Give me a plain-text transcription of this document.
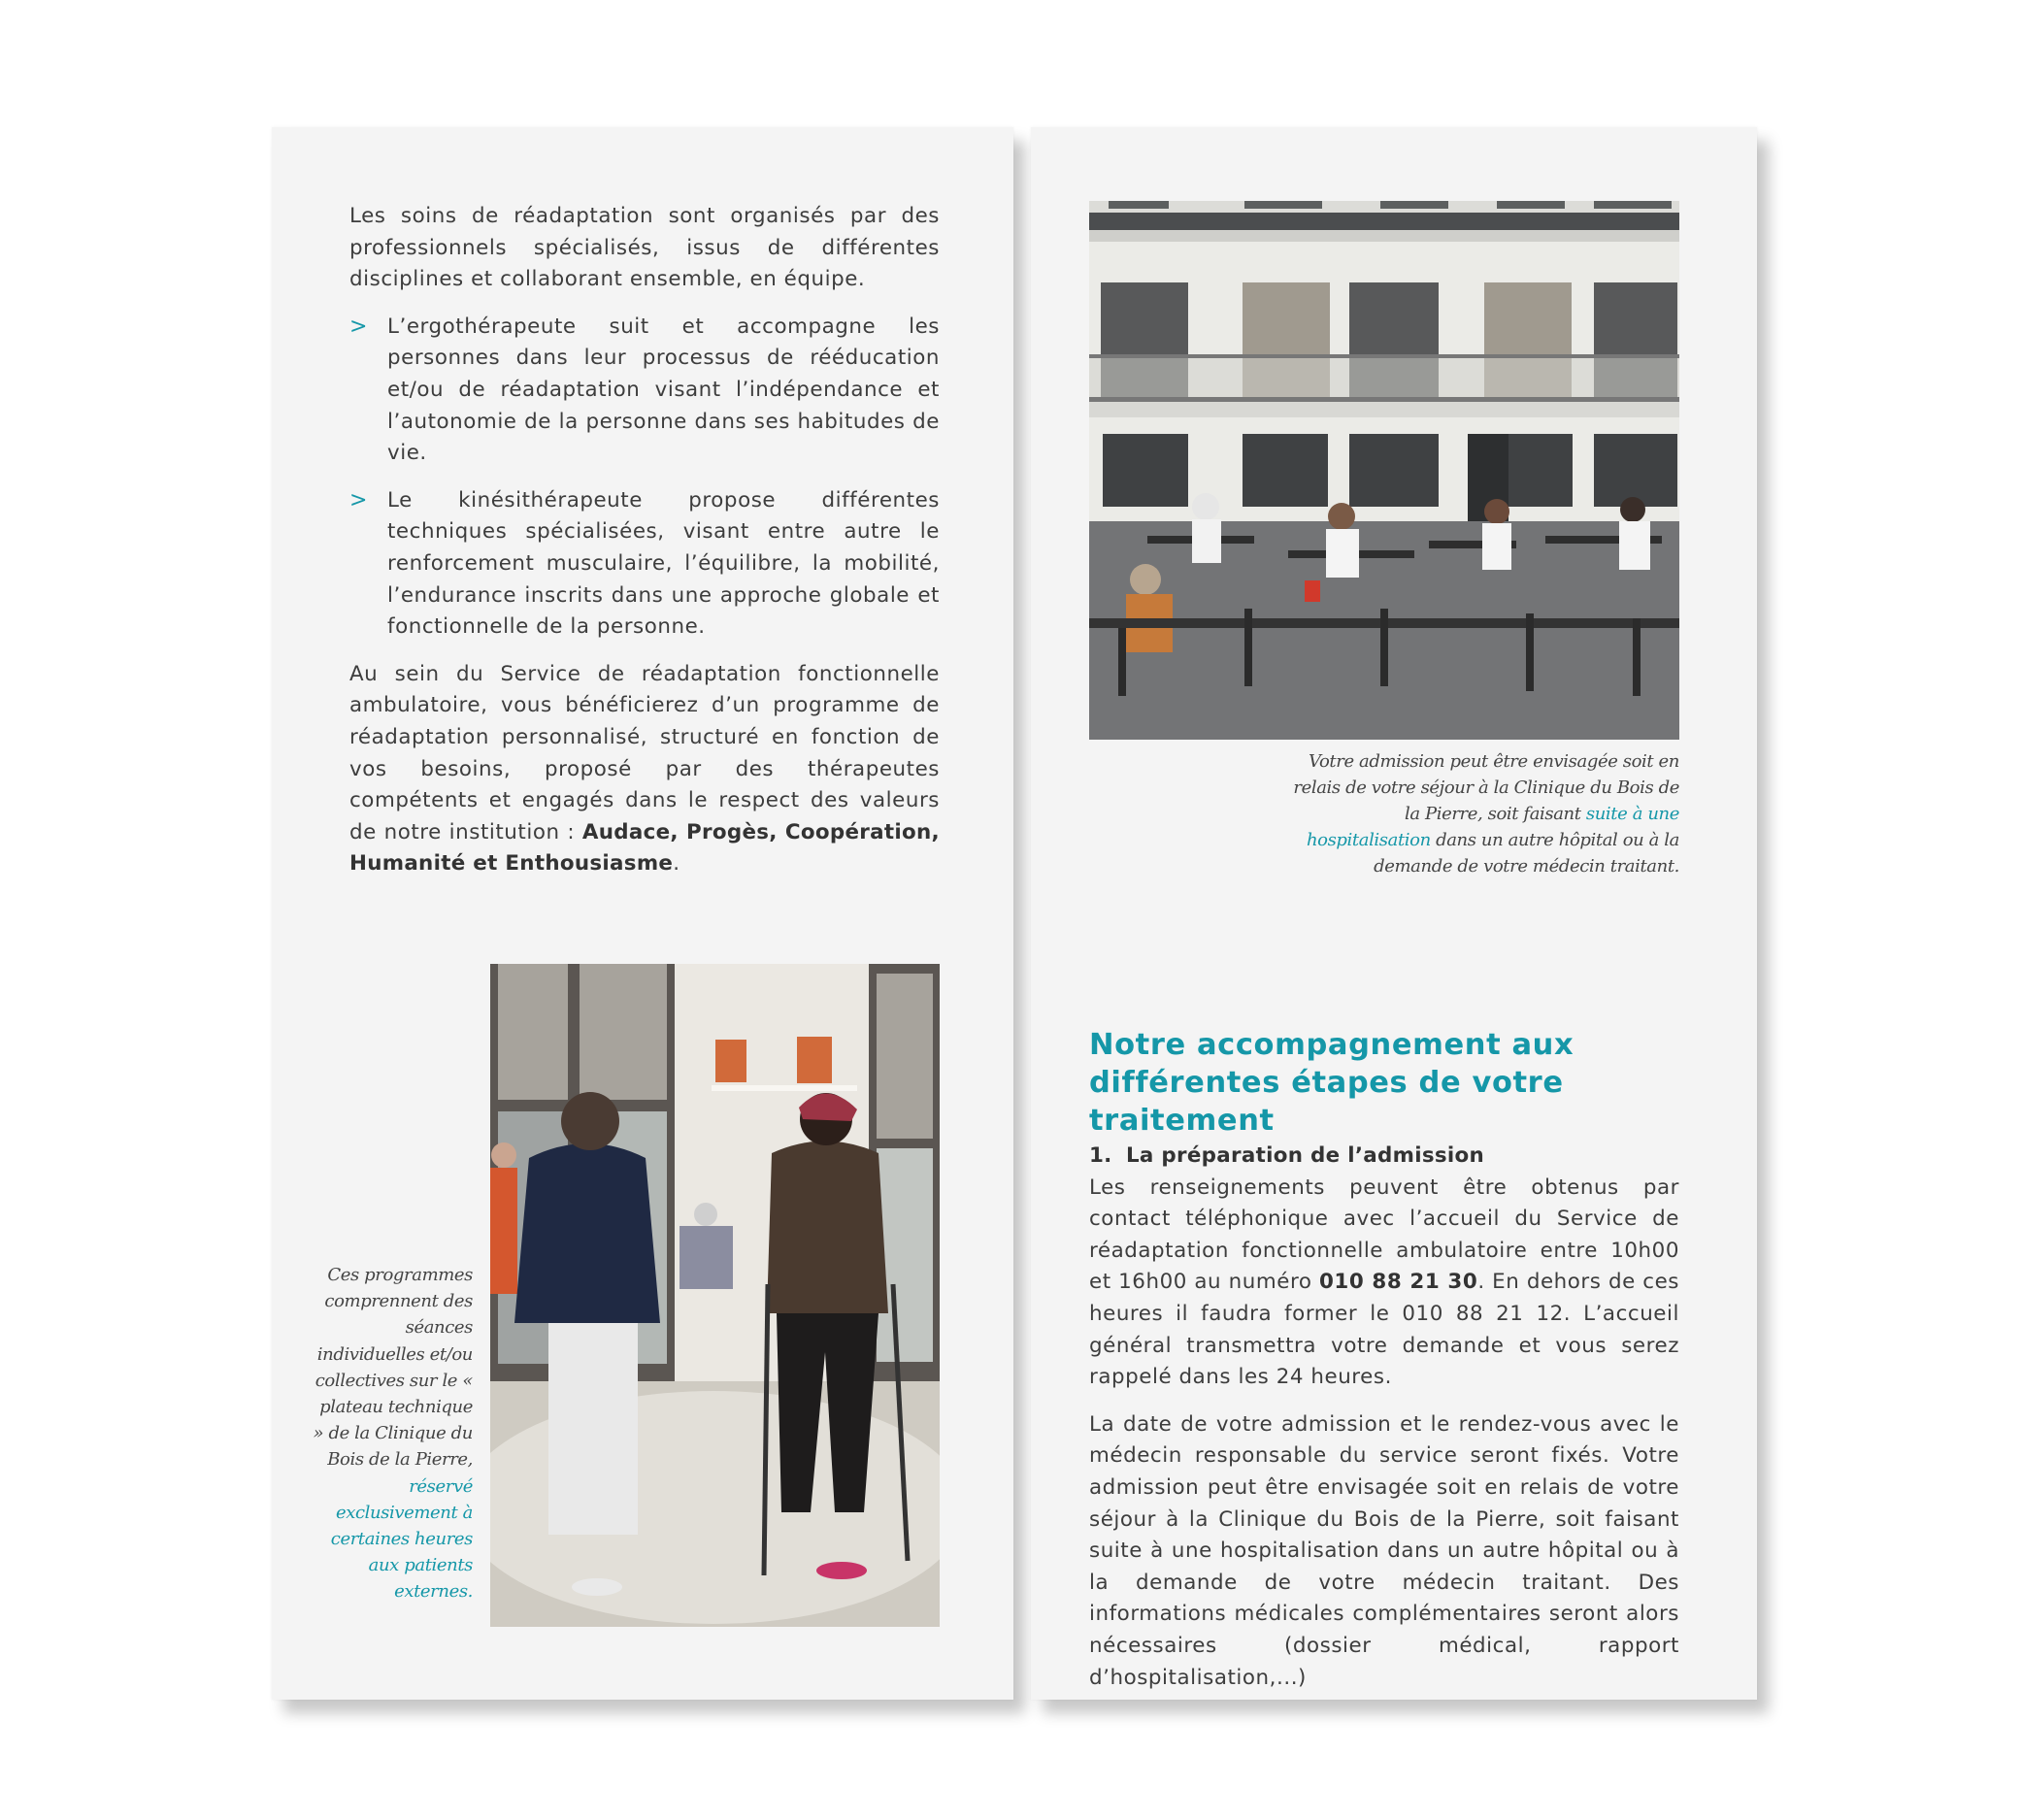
Les soins de réadaptation sont organisés par des professionnels spécialisés, issus de différentes disciplines et collaborant ensemble, en équipe.

> L’ergothérapeute suit et accompagne les personnes dans leur processus de rééducation et/ou de réadaptation visant l’indépendance et l’autonomie de la personne dans ses habitudes de vie.

> Le kinésithérapeute propose différentes techniques spécialisées, visant entre autre le renforcement musculaire, l’équilibre, la mobilité, l’endurance inscrits dans une approche globale et fonctionnelle de la personne.

Au sein du Service de réadaptation fonctionnelle ambulatoire, vous bénéficierez d’un programme de réadaptation personnalisé, structuré en fonction de vos besoins, proposé par des thérapeutes compétents et engagés dans le respect des valeurs de notre institution : Audace, Progès, Coopération, Humanité et Enthousiasme.

Ces programmes comprennent des séances individuelles et/ou collectives sur le « plateau technique » de la Clinique du Bois de la Pierre, réservé exclusivement à certaines heures aux patients externes.
Votre admission peut être envisagée soit en relais de votre séjour à la Clinique du Bois de la Pierre, soit faisant suite à une hospitalisation dans un autre hôpital ou à la demande de votre médecin traitant.
Notre accompagnement aux différentes étapes de votre traitement
1. La préparation de l’admission

Les renseignements peuvent être obtenus par contact téléphonique avec l’accueil du Service de réadaptation fonctionnelle ambulatoire entre 10h00 et 16h00 au numéro 010 88 21 30. En dehors de ces heures il faudra former le 010 88 21 12. L’accueil général transmettra votre demande et vous serez rappelé dans les 24 heures.

La date de votre admission et le rendez-vous avec le médecin responsable du service seront fixés. Votre admission peut être envisagée soit en relais de votre séjour à la Clinique du Bois de la Pierre, soit faisant suite à une hospitalisation dans un autre hôpital ou à la demande de votre médecin traitant. Des informations médicales complémentaires seront alors nécessaires (dossier médical, rapport d’hospitalisation,...)
